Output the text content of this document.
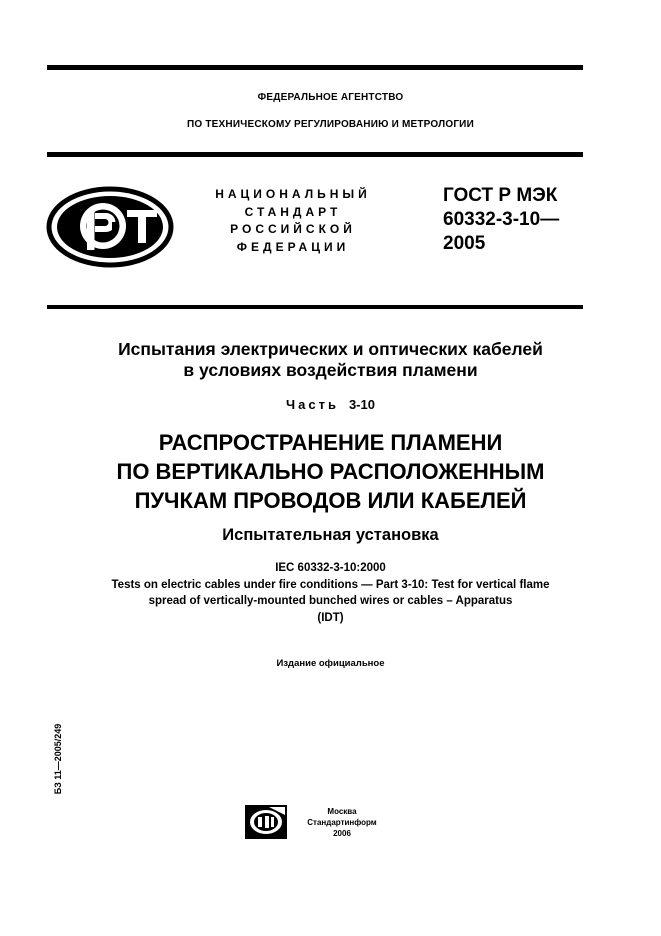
ФЕДЕРАЛЬНОЕ АГЕНТСТВО
ПО ТЕХНИЧЕСКОМУ РЕГУЛИРОВАНИЮ И МЕТРОЛОГИИ
НАЦИОНАЛЬНЫЙ
СТАНДАРТ
РОССИЙСКОЙ
ФЕДЕРАЦИИ
ГОСТ Р МЭК
60332-3-10—
2005
Испытания электрических и оптических кабелей
в условиях воздействия пламени
Часть 3-10
РАСПРОСТРАНЕНИЕ ПЛАМЕНИ
ПО ВЕРТИКАЛЬНО РАСПОЛОЖЕННЫМ
ПУЧКАМ ПРОВОДОВ ИЛИ КАБЕЛЕЙ
Испытательная установка
IEC 60332-3-10:2000
Tests on electric cables under fire conditions — Part 3-10: Test for vertical flame
spread of vertically-mounted bunched wires or cables – Apparatus
(IDT)
Издание официальное
БЗ 11—2005/249
Москва
Стандартинформ
2006
